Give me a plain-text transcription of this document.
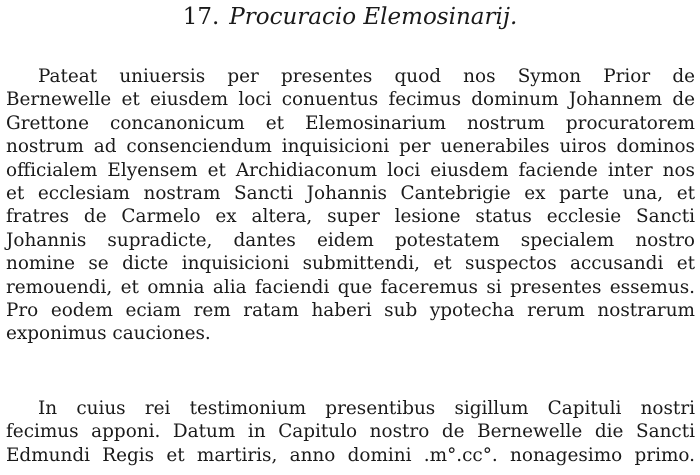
17. Procuracio Elemosinarij.
Pateat uniuersis per presentes quod nos Symon Prior de
Bernewelle et eiusdem loci conuentus fecimus dominum Johannem de
Grettone concanonicum et Elemosinarium nostrum procuratorem
nostrum ad consenciendum inquisicioni per uenerabiles uiros dominos
officialem Elyensem et Archidiaconum loci eiusdem faciende inter nos
et ecclesiam nostram Sancti Johannis Cantebrigie ex parte una, et
fratres de Carmelo ex altera, super lesione status ecclesie Sancti
Johannis supradicte, dantes eidem potestatem specialem nostro
nomine se dicte inquisicioni submittendi, et suspectos accusandi et
remouendi, et omnia alia faciendi que faceremus si presentes essemus.
Pro eodem eciam rem ratam haberi sub ypotecha rerum nostrarum
exponimus cauciones.
In cuius rei testimonium presentibus sigillum Capituli nostri
fecimus apponi. Datum in Capitulo nostro de Bernewelle die Sancti
Edmundi Regis et martiris, anno domini .m°.cc°. nonagesimo primo.
